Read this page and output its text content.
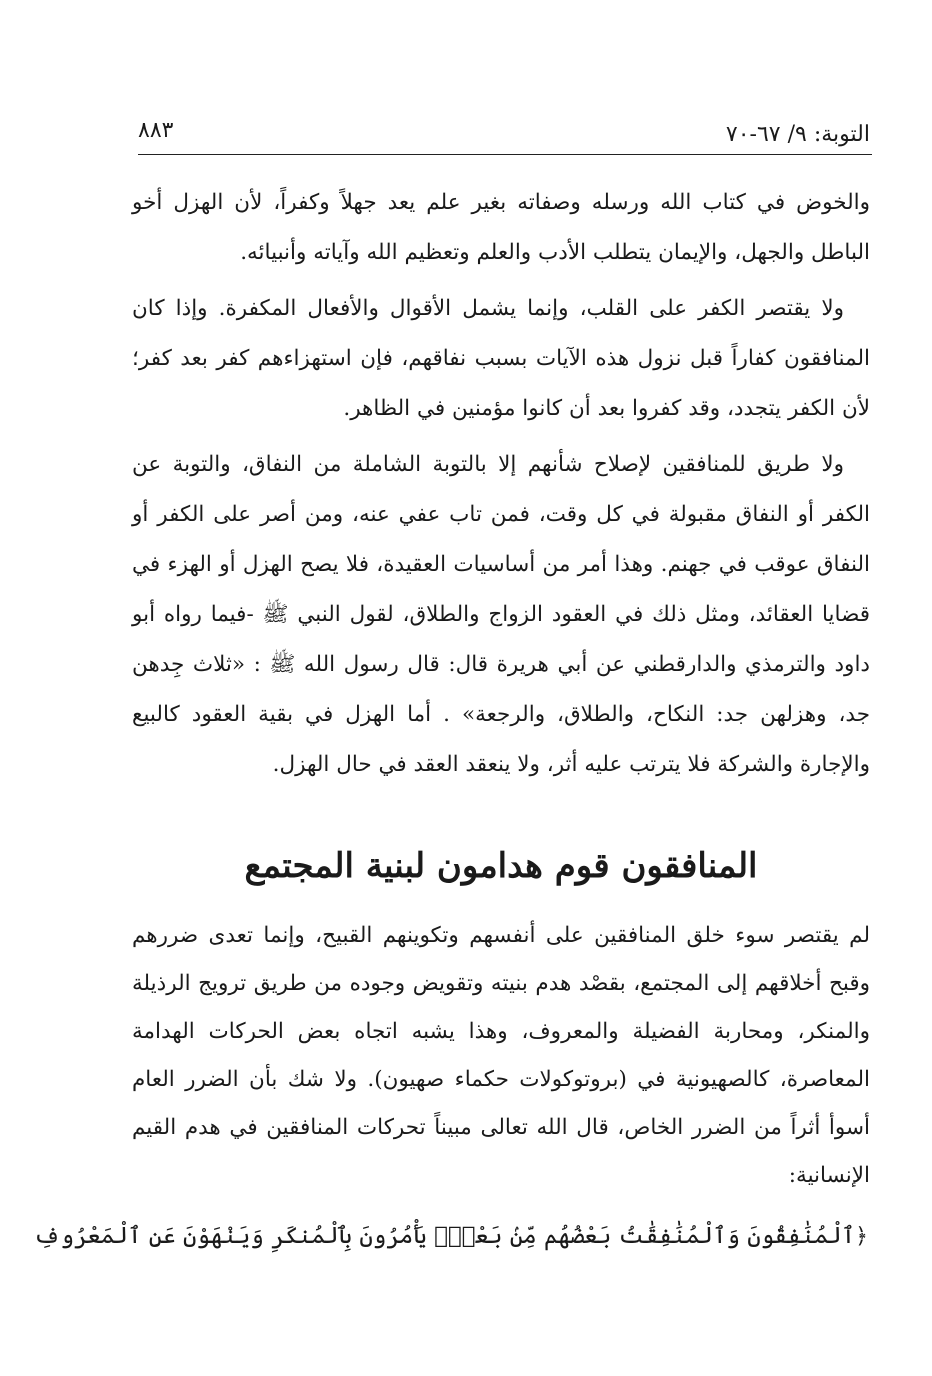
التوبة: ٩/ ٦٧-٧٠
٨٨٣

والخوض في كتاب الله ورسله وصفاته بغير علم يعد جهلاً وكفراً، لأن الهزل أخو الباطل والجهل، والإيمان يتطلب الأدب والعلم وتعظيم الله وآياته وأنبيائه.

ولا يقتصر الكفر على القلب، وإنما يشمل الأقوال والأفعال المكفرة. وإذا كان المنافقون كفاراً قبل نزول هذه الآيات بسبب نفاقهم، فإن استهزاءهم كفر بعد كفر؛ لأن الكفر يتجدد، وقد كفروا بعد أن كانوا مؤمنين في الظاهر.

ولا طريق للمنافقين لإصلاح شأنهم إلا بالتوبة الشاملة من النفاق، والتوبة عن الكفر أو النفاق مقبولة في كل وقت، فمن تاب عفي عنه، ومن أصر على الكفر أو النفاق عوقب في جهنم. وهذا أمر من أساسيات العقيدة، فلا يصح الهزل أو الهزء في قضايا العقائد، ومثل ذلك في العقود الزواج والطلاق، لقول النبي ﷺ -فيما رواه أبو داود والترمذي والدارقطني عن أبي هريرة قال: قال رسول الله ﷺ : «ثلاث جِدهن جد، وهزلهن جد: النكاح، والطلاق، والرجعة» . أما الهزل في بقية العقود كالبيع والإجارة والشركة فلا يترتب عليه أثر، ولا ينعقد العقد في حال الهزل.

المنافقون قوم هدامون لبنية المجتمع

لم يقتصر سوء خلق المنافقين على أنفسهم وتكوينهم القبيح، وإنما تعدى ضررهم وقبح أخلاقهم إلى المجتمع، بقصْد هدم بنيته وتقويض وجوده من طريق ترويج الرذيلة والمنكر، ومحاربة الفضيلة والمعروف، وهذا يشبه اتجاه بعض الحركات الهدامة المعاصرة، كالصهيونية في (بروتوكولات حكماء صهيون). ولا شك بأن الضرر العام أسوأ أثراً من الضرر الخاص، قال الله تعالى مبيناً تحركات المنافقين في هدم القيم الإنسانية:

﴿ٱلْمُنَٰفِقُونَ وَٱلْمُنَٰفِقَٰتُ بَعْضُهُم مِّنۢ بَعْضٍۚ يَأْمُرُونَ بِٱلْمُنكَرِ وَيَنْهَوْنَ عَنِ ٱلْمَعْرُوفِ
